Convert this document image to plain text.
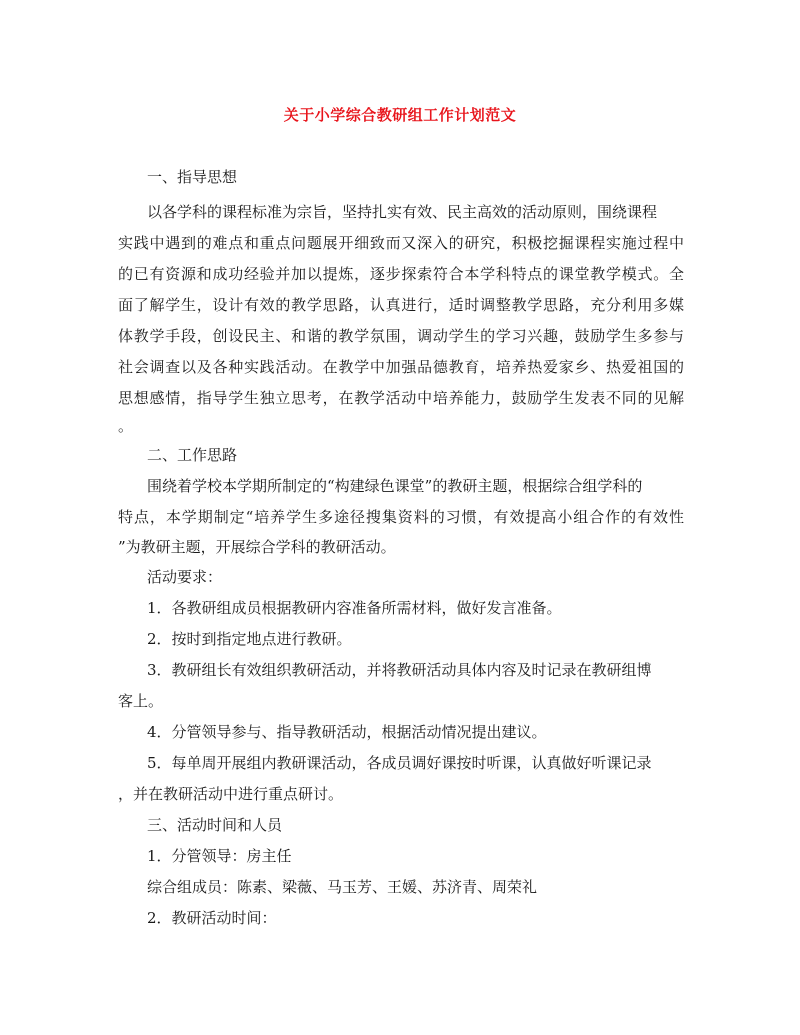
关于小学综合教研组工作计划范文
一、指导思想
以各学科的课程标准为宗旨，坚持扎实有效、民主高效的活动原则，围绕课程
实践中遇到的难点和重点问题展开细致而又深入的研究，积极挖掘课程实施过程中
的已有资源和成功经验并加以提炼，逐步探索符合本学科特点的课堂教学模式。全
面了解学生，设计有效的教学思路，认真进行，适时调整教学思路，充分利用多媒
体教学手段，创设民主、和谐的教学氛围，调动学生的学习兴趣，鼓励学生多参与
社会调查以及各种实践活动。在教学中加强品德教育，培养热爱家乡、热爱祖国的
思想感情，指导学生独立思考，在教学活动中培养能力，鼓励学生发表不同的见解
。
二、工作思路
围绕着学校本学期所制定的“构建绿色课堂”的教研主题，根据综合组学科的
特点，本学期制定“培养学生多途径搜集资料的习惯，有效提高小组合作的有效性
”为教研主题，开展综合学科的教研活动。
活动要求：
1．各教研组成员根据教研内容准备所需材料，做好发言准备。
2．按时到指定地点进行教研。
3．教研组长有效组织教研活动，并将教研活动具体内容及时记录在教研组博
客上。
4．分管领导参与、指导教研活动，根据活动情况提出建议。
5．每单周开展组内教研课活动，各成员调好课按时听课，认真做好听课记录
，并在教研活动中进行重点研讨。
三、活动时间和人员
1．分管领导：房主任
综合组成员：陈素、梁薇、马玉芳、王媛、苏济青、周荣礼
2．教研活动时间：
